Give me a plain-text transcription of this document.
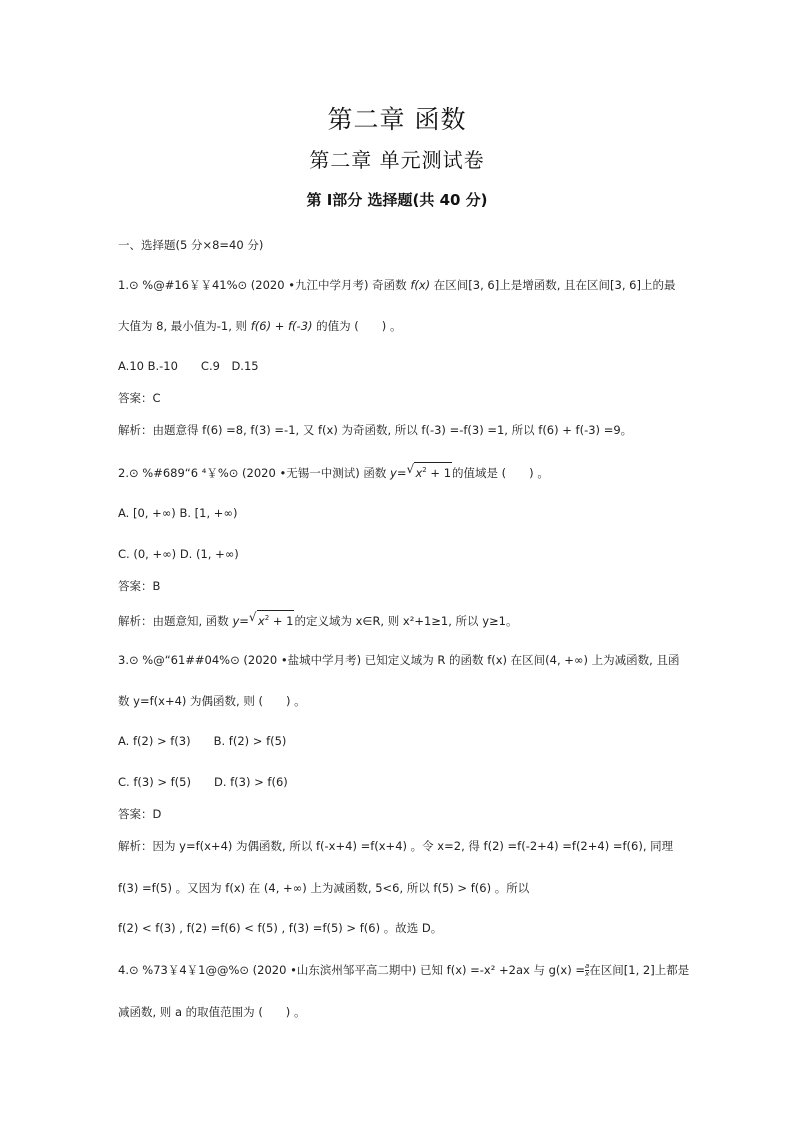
第二章 函数
第二章 单元测试卷
第 Ⅰ部分 选择题(共 40 分)
一、选择题(5 分×8=40 分)
1.⊙ %@#16￥￥41%⊙ (2020 •九江中学月考) 奇函数 f(x) 在区间[3, 6]上是增函数, 且在区间[3, 6]上的最
大值为 8, 最小值为-1, 则 f(6) + f(-3) 的值为 (　　) 。
A.10 B.-10　　C.9　D.15
答案：C
解析：由题意得 f(6) =8, f(3) =-1, 又 f(x) 为奇函数, 所以 f(-3) =-f(3) =1, 所以 f(6) + f(-3) =9。
2.⊙ %#689“6 ⁴￥%⊙ (2020 •无锡一中测试) 函数 y= √ $x^2 + 1$的值域是 (　　) 。
A. [0, +∞) B. [1, +∞)
C. (0, +∞) D. (1, +∞)
答案：B
解析：由题意知, 函数 y= √ $x^2 + 1$的定义域为 x∈R, 则 x²+1≥1, 所以 y≥1。
3.⊙ %@“61##04%⊙ (2020 •盐城中学月考) 已知定义域为 R 的函数 f(x) 在区间(4, +∞) 上为减函数, 且函
数 y=f(x+4) 为偶函数, 则 (　　) 。
A. f(2) > f(3)　　B. f(2) > f(5)
C. f(3) > f(5)　　D. f(3) > f(6)
答案：D
解析：因为 y=f(x+4) 为偶函数, 所以 f(-x+4) =f(x+4) 。令 x=2, 得 f(2) =f(-2+4) =f(2+4) =f(6), 同理
f(3) =f(5) 。又因为 f(x) 在 (4, +∞) 上为减函数, 5<6, 所以 f(5) > f(6) 。所以
f(2) < f(3) , f(2) =f(6) < f(5) , f(3) =f(5) > f(6) 。故选 D。
4.⊙ %73￥4￥1@@%⊙ (2020 •山东滨州邹平高二期中) 已知 f(x) =-x² +2ax 与 $g(x) = \frac{a}{x}$ 在区间[1, 2]上都是
减函数, 则 a 的取值范围为 (　　) 。
